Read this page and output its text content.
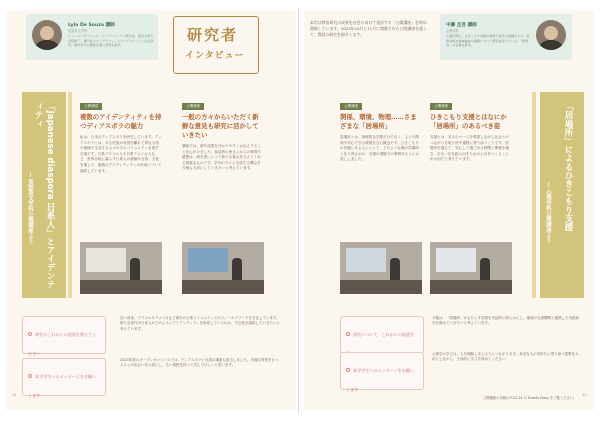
Lylo De Souza 講師
英語英文学科
ヒューマンサイエンス・アイデンティティ研究家。東京大学大学院修了。専門はエスノグラフィーとアイデンティティの社会学。国内外での調査を基に授業を担当。
研究者
インタビュー
「Japanese diaspora 日系人」とアイデンティティ
― 英語英文学科公開講座より
公開講座
複数のアイデンティティを持つディアスポラの魅力
私は、日本のディアスポラを研究しています。ディアスポラとは、ある民族が母国を離れて異なる国や地域で生活する人々やそのコミュニティを指す言葉です。日系ブラジル人や日系アメリカ人など、世界各地に暮らす日系人の経験や言語、文化を通して、複数のアイデンティティの形成について調査しています。
公開講座
一般の方々からいただく新鮮な意見も研究に活かしていきたい
講座では、研究成果を分かりやすくお伝えすることを心がけました。参加者の皆さんからの質問や感想は、研究者にとって新たな視点を与えてくれる貴重なものです。学外の方々と対話する機会を今後も大切にしていきたいと考えています。
研究のこれからの展望を教えてください
近い将来、ブラジルやアメリカなど海外の日系コミュニティでのフィールドワークを予定しています。新たな世代の日系人がどのようにアイデンティティを形成しているのか、引き続き調査していきたいと考えています。
本学学生へのメッセージをお願いします
2023年度のオープンキャンパスでは、ディアスポラと言語の講座も担当しました。多様な背景をもつ人々との出会いを大切にし、広い視野を持って学んでほしいと思います。
10
本学は教育研究の成果を社会に向けて発信する「公開講座」を毎年開催しています。2023年10月と11月に開催された公開講座を通して、教員の研究を紹介します。
中藤 圭吾 講師
心理学科
心理学博士。ひきこもり支援の現場で長年の経験をもつ。家族支援や地域福祉の連携について研究を続けている。「居場所」の意義を探求。
公開講座
関係、環境、物理……さまざまな「居場所」
居場所とは、物理的な空間だけでなく、人との関係や安心できる環境を含む概念です。ひきこもりの状態にある人にとって、どのような場が居場所となり得るのか、支援の現場での事例をもとにお話ししました。
公開講座
ひきこもり支援とはなにか「居場所」のあるべき姿
支援とは、本人のペースを尊重しながら社会とのつながりを取り戻す過程に寄り添うことです。居場所を通じて、安心して過ごせる時間と関係を築き、次の一歩を踏み出すための土台をつくることが大切だと考えています。	「居場所」によるひきこもり支援
― 心理学科公開講座より
研究について、これからの展望を
今後は、「居場所」がもたらす効果を実証的に明らかにし、地域の支援機関と連携した実践研究を進めていきたいと考えています。
本学学生へのメッセージをお願いします
心理学の学びは、人を理解し支える力につながります。身近な人の気持ちに寄り添う姿勢を大切にしながら、主体的に学びを深めてください。
公開講座の詳細は P.23-24 の Events Diary をご覧ください。
11
